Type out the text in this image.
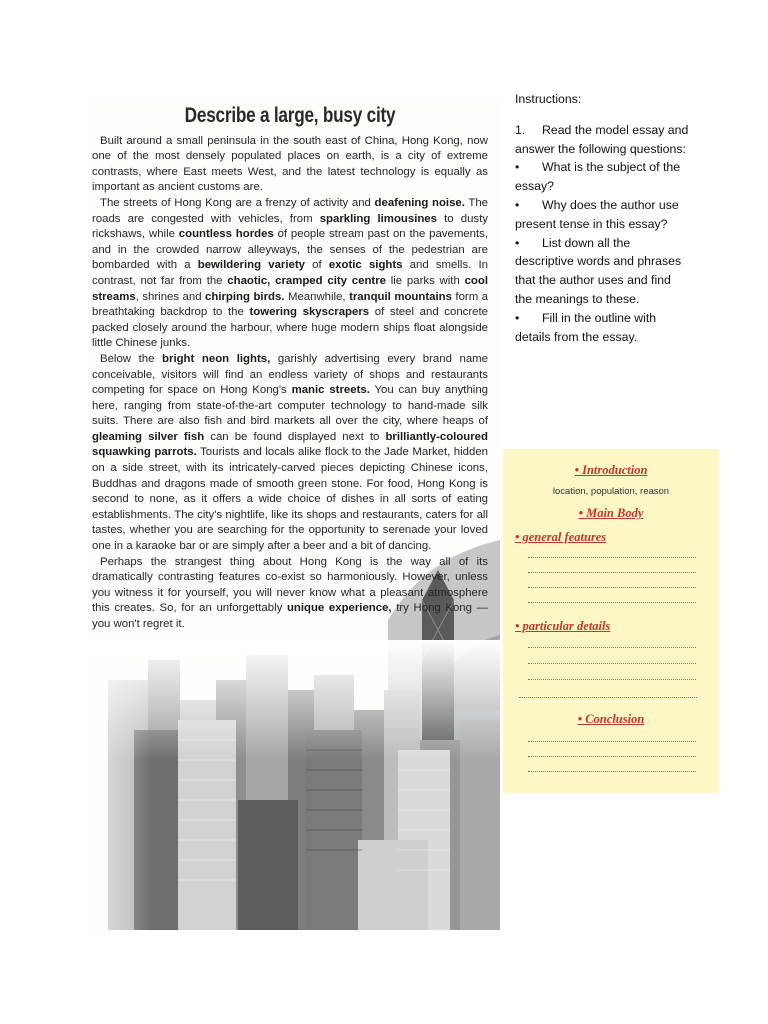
Describe a large, busy city

Built around a small peninsula in the south east of China, Hong Kong, now one of the most densely populated places on earth, is a city of extreme contrasts, where East meets West, and the latest technology is equally as important as ancient customs are.

The streets of Hong Kong are a frenzy of activity and deafening noise. The roads are congested with vehicles, from sparkling limousines to dusty rickshaws, while countless hordes of people stream past on the pavements, and in the crowded narrow alleyways, the senses of the pedestrian are bombarded with a bewildering variety of exotic sights and smells. In contrast, not far from the chaotic, cramped city centre lie parks with cool streams, shrines and chirping birds. Meanwhile, tranquil mountains form a breathtaking backdrop to the towering skyscrapers of steel and concrete packed closely around the harbour, where huge modern ships float alongside little Chinese junks.

Below the bright neon lights, garishly advertising every brand name conceivable, visitors will find an endless variety of shops and restaurants competing for space on Hong Kong's manic streets. You can buy anything here, ranging from state-of-the-art computer technology to hand-made silk suits. There are also fish and bird markets all over the city, where heaps of gleaming silver fish can be found displayed next to brilliantly-coloured squawking parrots. Tourists and locals alike flock to the Jade Market, hidden on a side street, with its intricately-carved pieces depicting Chinese icons, Buddhas and dragons made of smooth green stone. For food, Hong Kong is second to none, as it offers a wide choice of dishes in all sorts of eating establishments. The city's nightlife, like its shops and restaurants, caters for all tastes, whether you are searching for the opportunity to serenade your loved one in a karaoke bar or are simply after a beer and a bit of dancing.

Perhaps the strangest thing about Hong Kong is the way all of its dramatically contrasting features co-exist so harmoniously. However, unless you witness it for yourself, you will never know what a pleasant atmosphere this creates. So, for an unforgettably unique experience, try Hong Kong — you won't regret it.

Instructions:

1. Read the model essay and answer the following questions:

• What is the subject of the essay?

• Why does the author use present tense in this essay?

• List down all the descriptive words and phrases that the author uses and find the meanings to these.

• Fill in the outline with details from the essay.

• Introduction
location, population, reason
• Main Body
• general features
• particular details
• Conclusion
